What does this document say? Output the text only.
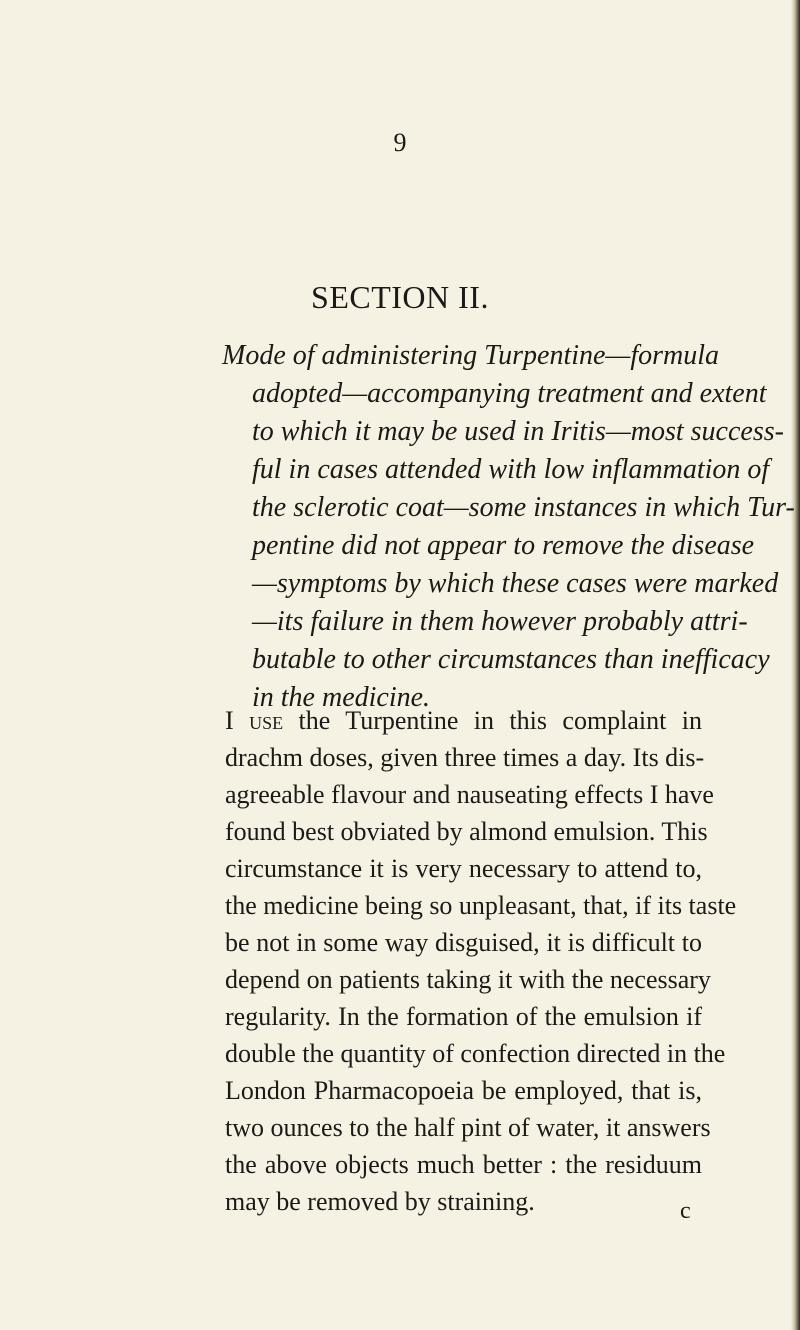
9
SECTION II.
Mode of administering Turpentine—formula
adopted—accompanying treatment and extent
to which it may be used in Iritis—most success-
ful in cases attended with low inflammation of
the sclerotic coat—some instances in which Tur-
pentine did not appear to remove the disease
—symptoms by which these cases were marked
—its failure in them however probably attri-
butable to other circumstances than inefficacy
in the medicine.
I use the Turpentine in this complaint in
drachm doses, given three times a day. Its dis-
agreeable flavour and nauseating effects I have
found best obviated by almond emulsion. This
circumstance it is very necessary to attend to,
the medicine being so unpleasant, that, if its taste
be not in some way disguised, it is difficult to
depend on patients taking it with the necessary
regularity. In the formation of the emulsion if
double the quantity of confection directed in the
London Pharmacopoeia be employed, that is,
two ounces to the half pint of water, it answers
the above objects much better : the residuum
may be removed by straining.	c
